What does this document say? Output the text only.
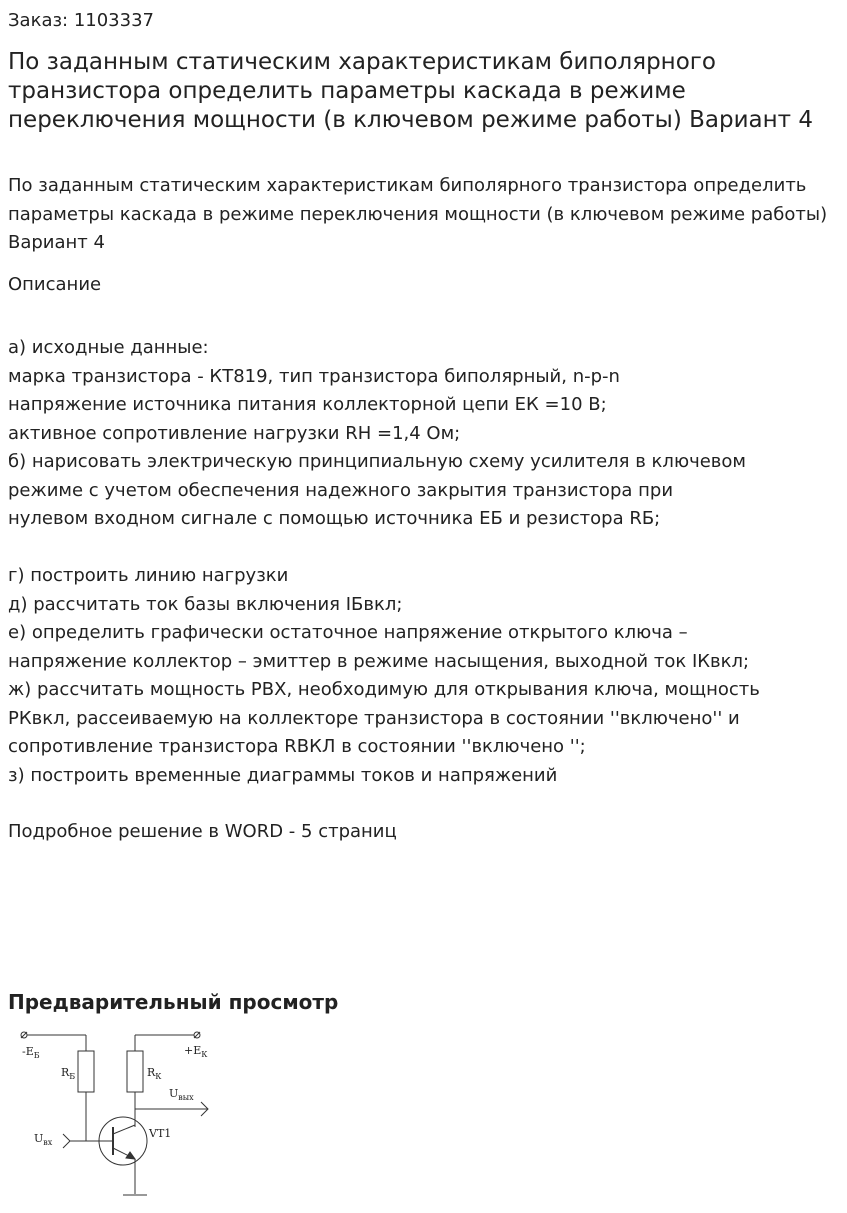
Заказ: 1103337
По заданным статическим характеристикам биполярного транзистора определить параметры каскада в режиме переключения мощности (в ключевом режиме работы) Вариант 4
По заданным статическим характеристикам биполярного транзистора определить параметры каскада в режиме переключения мощности (в ключевом режиме работы) Вариант 4
Описание
а) исходные данные:
марка транзистора - КТ819, тип транзистора биполярный, n-p-n
напряжение источника питания коллекторной цепи ЕК =10 В;
активное сопротивление нагрузки RН =1,4 Ом;
б) нарисовать электрическую принципиальную схему усилителя в ключевом
режиме с учетом обеспечения надежного закрытия транзистора при
нулевом входном сигнале с помощью источника ЕБ и резистора RБ;
г) построить линию нагрузки
д) рассчитать ток базы включения IБвкл;
е) определить графически остаточное напряжение открытого ключа –
напряжение коллектор – эмиттер в режиме насыщения, выходной ток IКвкл;
ж) рассчитать мощность РВХ, необходимую для открывания ключа, мощность
РКвкл, рассеиваемую на коллекторе транзистора в состоянии ''включено'' и
сопротивление транзистора RВКЛ в состоянии ''включено '';
з) построить временные диаграммы токов и напряжений
Подробное решение в WORD - 5 страниц
Предварительный просмотр
$-E_Б$	$+E_К$
$R_Б$	$R_К$
$U_{вых}$
$U_{вх}$
VT1
